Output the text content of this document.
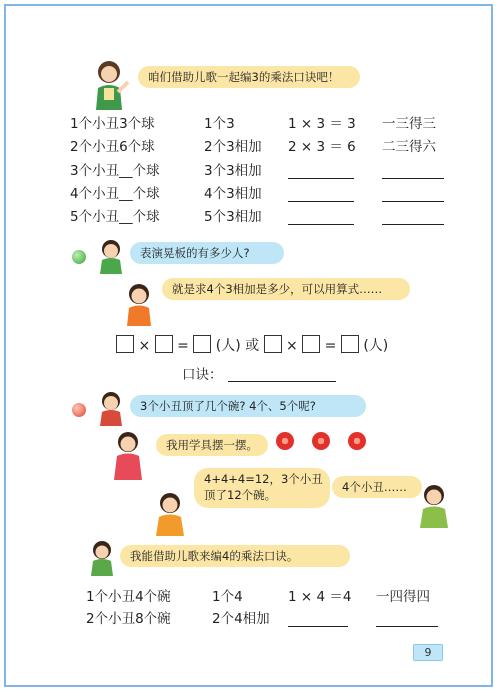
咱们借助儿歌一起编3的乘法口诀吧！
1个小丑3个球	1个3	1 × 3 ＝ 3 一三得三
2个小丑6个球	2个3相加 2 × 3 ＝ 6 二三得六
3个小丑__个球	3个3相加
4个小丑__个球	4个3相加
5个小丑__个球	5个3相加
表演晃板的有多少人?
就是求4个3相加是多少，可以用算式……
×  =  (人) 或  ×  =  (人)
口诀：
3个小丑顶了几个碗? 4个、5个呢?
我用学具摆一摆。
4+4+4=12，3个小丑
顶了12个碗。
4个小丑……
我能借助儿歌来编4的乘法口诀。
1个小丑4个碗	1个4	1 × 4 ＝4 一四得四
2个小丑8个碗	2个4相加
9
